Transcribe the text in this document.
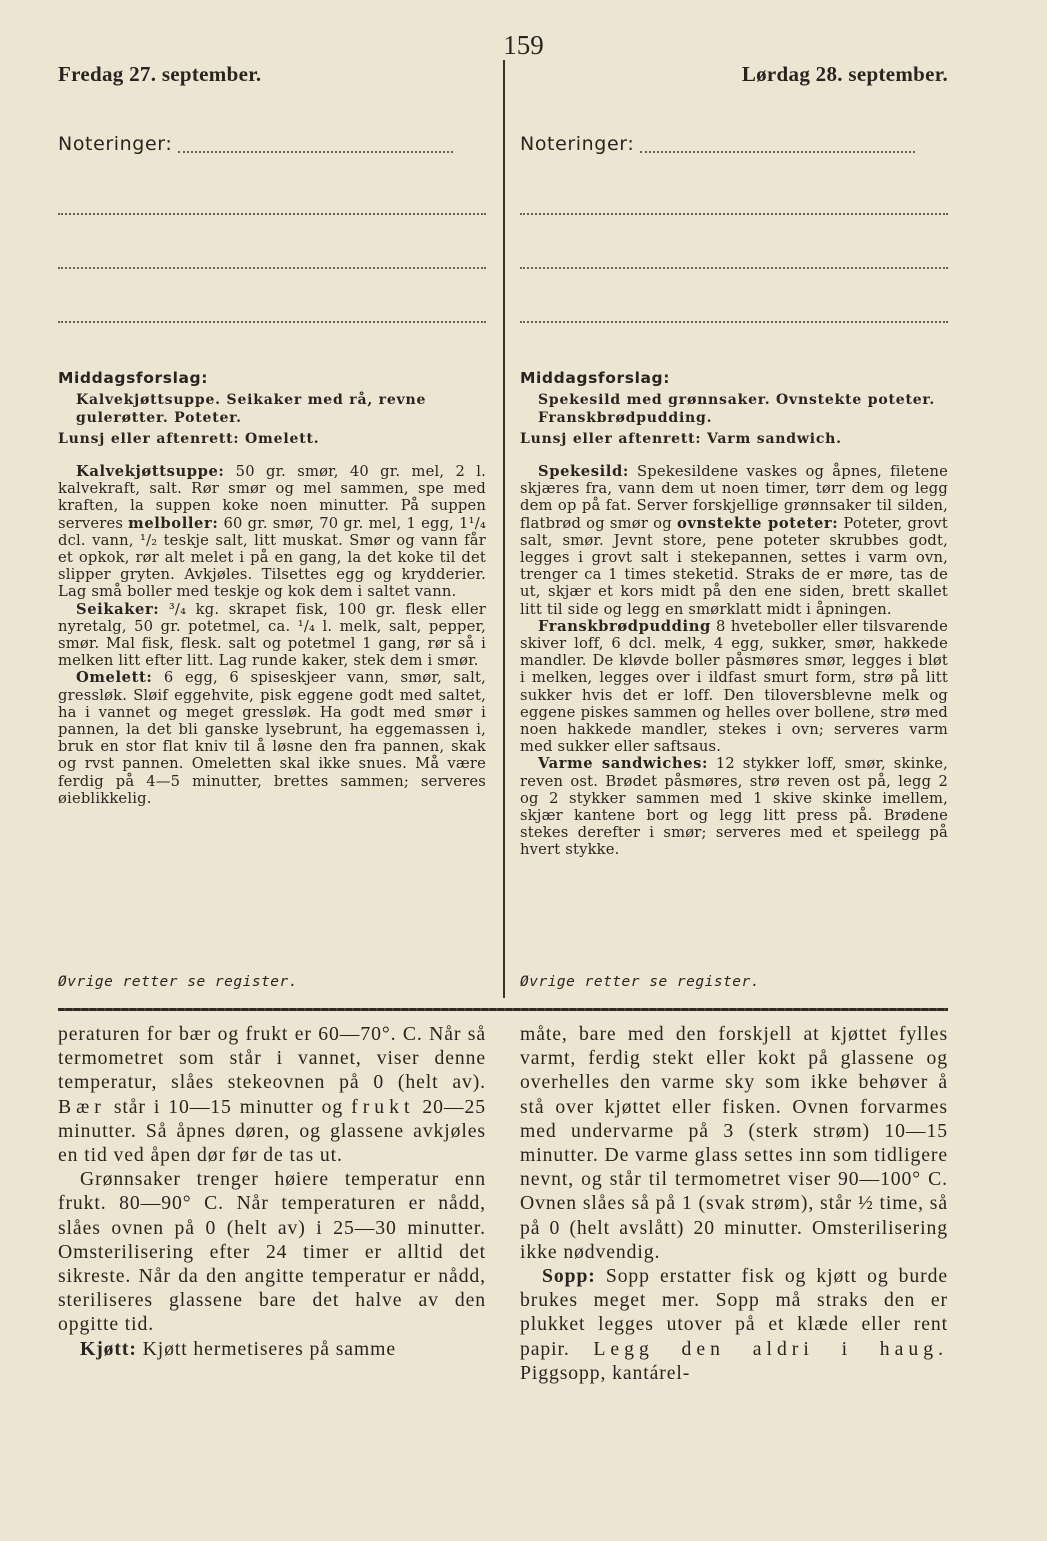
159
Fredag 27. september.
Noteringer:
Middagsforslag:
Kalvekjøttsuppe. Seikaker med rå, revne gulerøtter. Poteter.
Lunsj eller aftenrett: Omelett.

Kalvekjøttsuppe: 50 gr. smør, 40 gr. mel, 2 l. kalvekraft, salt. Rør smør og mel sammen, spe med kraften, la suppen koke noen minutter. På suppen serveres melboller: 60 gr. smør, 70 gr. mel, 1 egg, 1¹/₄ dcl. vann, ¹/₂ teskje salt, litt muskat. Smør og vann får et opkok, rør alt melet i på en gang, la det koke til det slipper gryten. Avkjøles. Tilsettes egg og krydderier. Lag små boller med teskje og kok dem i saltet vann.

Seikaker: ³/₄ kg. skrapet fisk, 100 gr. flesk eller nyretalg, 50 gr. potetmel, ca. ¹/₄ l. melk, salt, pepper, smør. Mal fisk, flesk. salt og potetmel 1 gang, rør så i melken litt efter litt. Lag runde kaker, stek dem i smør.

Omelett: 6 egg, 6 spiseskjeer vann, smør, salt, gressløk. Sløif eggehvite, pisk eggene godt med saltet, ha i vannet og meget gressløk. Ha godt med smør i pannen, la det bli ganske lysebrunt, ha eggemassen i, bruk en stor flat kniv til å løsne den fra pannen, skak og rvst pannen. Omeletten skal ikke snues. Må være ferdig på 4—5 minutter, brettes sammen; serveres øieblikkelig.

Øvrige retter se register.
Lørdag 28. september.
Noteringer:
Middagsforslag:
Spekesild med grønnsaker. Ovnstekte poteter. Franskbrødpudding.
Lunsj eller aftenrett: Varm sandwich.

Spekesild: Spekesildene vaskes og åpnes, filetene skjæres fra, vann dem ut noen timer, tørr dem og legg dem op på fat. Server forskjellige grønnsaker til silden, flatbrød og smør og ovnstekte poteter: Poteter, grovt salt, smør. Jevnt store, pene poteter skrubbes godt, legges i grovt salt i stekepannen, settes i varm ovn, trenger ca 1 times steketid. Straks de er møre, tas de ut, skjær et kors midt på den ene siden, brett skallet litt til side og legg en smørklatt midt i åpningen.

Franskbrødpudding 8 hveteboller eller tilsvarende skiver loff, 6 dcl. melk, 4 egg, sukker, smør, hakkede mandler. De kløvde boller påsmøres smør, legges i bløt i melken, legges over i ildfast smurt form, strø på litt sukker hvis det er loff. Den tiloversblevne melk og eggene piskes sammen og helles over bollene, strø med noen hakkede mandler, stekes i ovn; serveres varm med sukker eller saftsaus.

Varme sandwiches: 12 stykker loff, smør, skinke, reven ost. Brødet påsmøres, strø reven ost på, legg 2 og 2 stykker sammen med 1 skive skinke imellem, skjær kantene bort og legg litt press på. Brødene stekes derefter i smør; serveres med et speilegg på hvert stykke.

Øvrige retter se register.

peraturen for bær og frukt er 60—70°. C. Når så termometret som står i vannet, viser denne temperatur, slåes stekeovnen på 0 (helt av). Bær står i 10—15 minutter og frukt 20—25 minutter. Så åpnes døren, og glassene avkjøles en tid ved åpen dør før de tas ut.

Grønnsaker trenger høiere temperatur enn frukt. 80—90° C. Når temperaturen er nådd, slåes ovnen på 0 (helt av) i 25—30 minutter. Omsterilisering efter 24 timer er alltid det sikreste. Når da den angitte temperatur er nådd, steriliseres glassene bare det halve av den opgitte tid.

Kjøtt: Kjøtt hermetiseres på samme

måte, bare med den forskjell at kjøttet fylles varmt, ferdig stekt eller kokt på glassene og overhelles den varme sky som ikke behøver å stå over kjøttet eller fisken. Ovnen forvarmes med undervarme på 3 (sterk strøm) 10—15 minutter. De varme glass settes inn som tidligere nevnt, og står til termometret viser 90—100° C. Ovnen slåes så på 1 (svak strøm), står ½ time, så på 0 (helt avslått) 20 minutter. Omsterilisering ikke nødvendig.

Sopp: Sopp erstatter fisk og kjøtt og burde brukes meget mer. Sopp må straks den er plukket legges utover på et klæde eller rent papir. Legg den aldri i haug. Piggsopp, kantárel-
